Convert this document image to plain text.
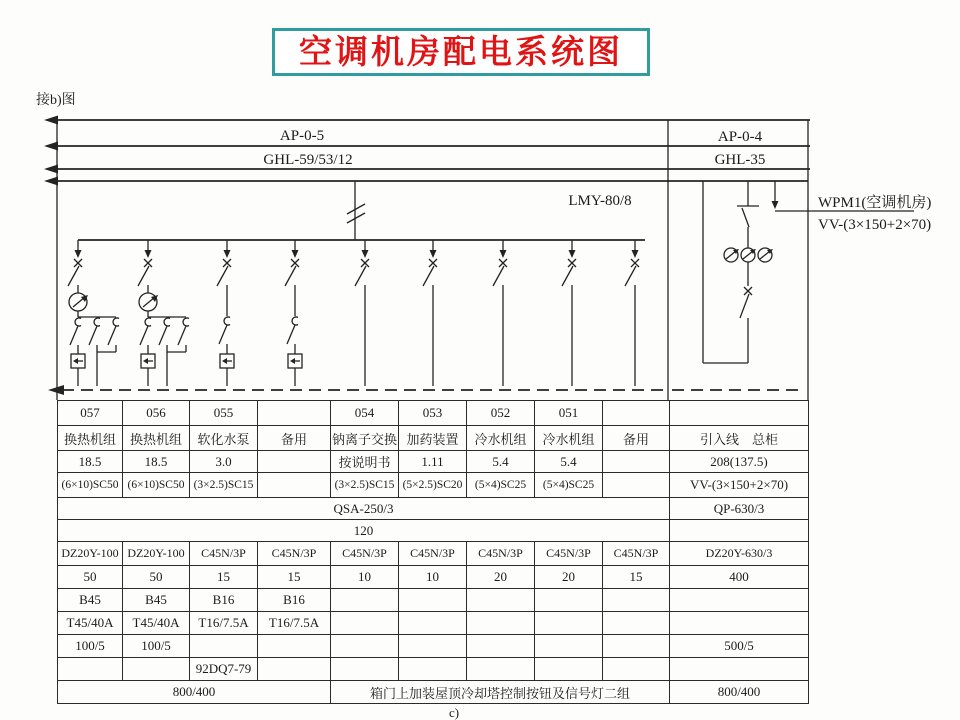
空调机房配电系统图
接b)图
AP-0-5
GHL-59/53/12
AP-0-4
GHL-35
LMY-80/8	WPM1(空调机房)
VV-(3×150+2×70)
c)
057	056	055		054	053	052	051		
换热机组	换热机组	软化水泵	备用	钠离子交换	加药装置	冷水机组	冷水机组	备用	引入线　总柜
18.5	18.5	3.0		按说明书	1.11	5.4	5.4		208(137.5)
(6×10)SC50	(6×10)SC50	(3×2.5)SC15		(3×2.5)SC15	(5×2.5)SC20	(5×4)SC25	(5×4)SC25		VV-(3×150+2×70)
QSA-250/3									QP-630/3
120									
DZ20Y-100	DZ20Y-100	C45N/3P	C45N/3P	C45N/3P	C45N/3P	C45N/3P	C45N/3P	C45N/3P	DZ20Y-630/3
50	50	15	15	10	10	20	20	15	400
B45	B45	B16	B16						
T45/40A	T45/40A	T16/7.5A	T16/7.5A						
100/5	100/5								500/5
		92DQ7-79							
800/400				箱门上加装屋顶冷却塔控制按钮及信号灯二组					800/400
